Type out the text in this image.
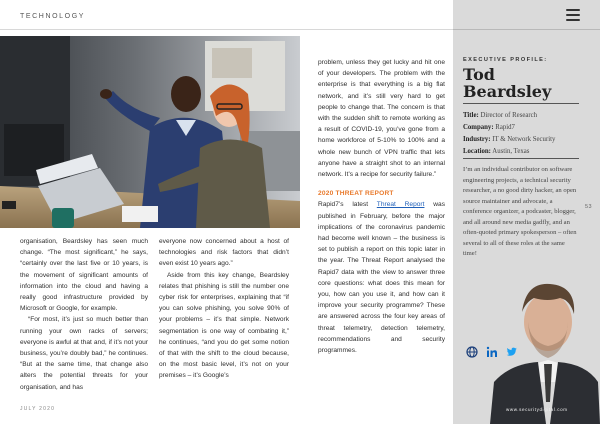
TECHNOLOGY

organisation, Beardsley has seen much change. “The most significant,” he says, “certainly over the last five or 10 years, is the movement of significant amounts of information into the cloud and having a really good infrastructure provided by Microsoft or Google, for example.

“For most, it’s just so much better than running your own racks of servers; everyone is awful at that and, if it’s not your business, you’re doubly bad,” he continues. “But at the same time, that change also alters the potential threats for your organisation, and has

everyone now concerned about a host of technologies and risk factors that didn’t even exist 10 years ago.”

Aside from this key change, Beardsley relates that phishing is still the number one cyber risk for enterprises, explaining that “if you can solve phishing, you solve 90% of your problems – it’s that simple. Network segmentation is one way of combating it,” he continues, “and you do get some notion of that with the shift to the cloud because, on the most basic level, it’s not on your premises – it’s Google’s

problem, unless they get lucky and hit one of your developers. The problem with the enterprise is that everything is a big flat network, and it’s still very hard to get people to change that. The concern is that with the sudden shift to remote working as a result of COVID-19, you’ve gone from a home workforce of 5-10% to 100% and a whole new bunch of VPN traffic that lets anyone have a straight shot to an internal network. It’s a recipe for security failure.”

2020 THREAT REPORT

Rapid7’s latest Threat Report was published in February, before the major implications of the coronavirus pandemic had become well known – the business is set to publish a report on this topic later in the year. The Threat Report analysed the Rapid7 data with the view to answer three core questions: what does this mean for you, how can you use it, and how can it improve your security programme? These are answered across the four key areas of threat telemetry, detection telemetry, recommendations and security programmes.

JULY 2020
EXECUTIVE PROFILE:
Tod
Beardsley
Title: Director of Research
Company: Rapid7
Industry: IT & Network Security
Location: Austin, Texas
I’m an individual contributor on software engineering projects, a technical security researcher, a no good dirty hacker, an open source maintainer and advocate, a conference organizer, a podcaster, blogger, and all around new media gadfly, and an often-quoted primary spokesperson – often several to all of these roles at the same time!
53
www.securitydigital.com
